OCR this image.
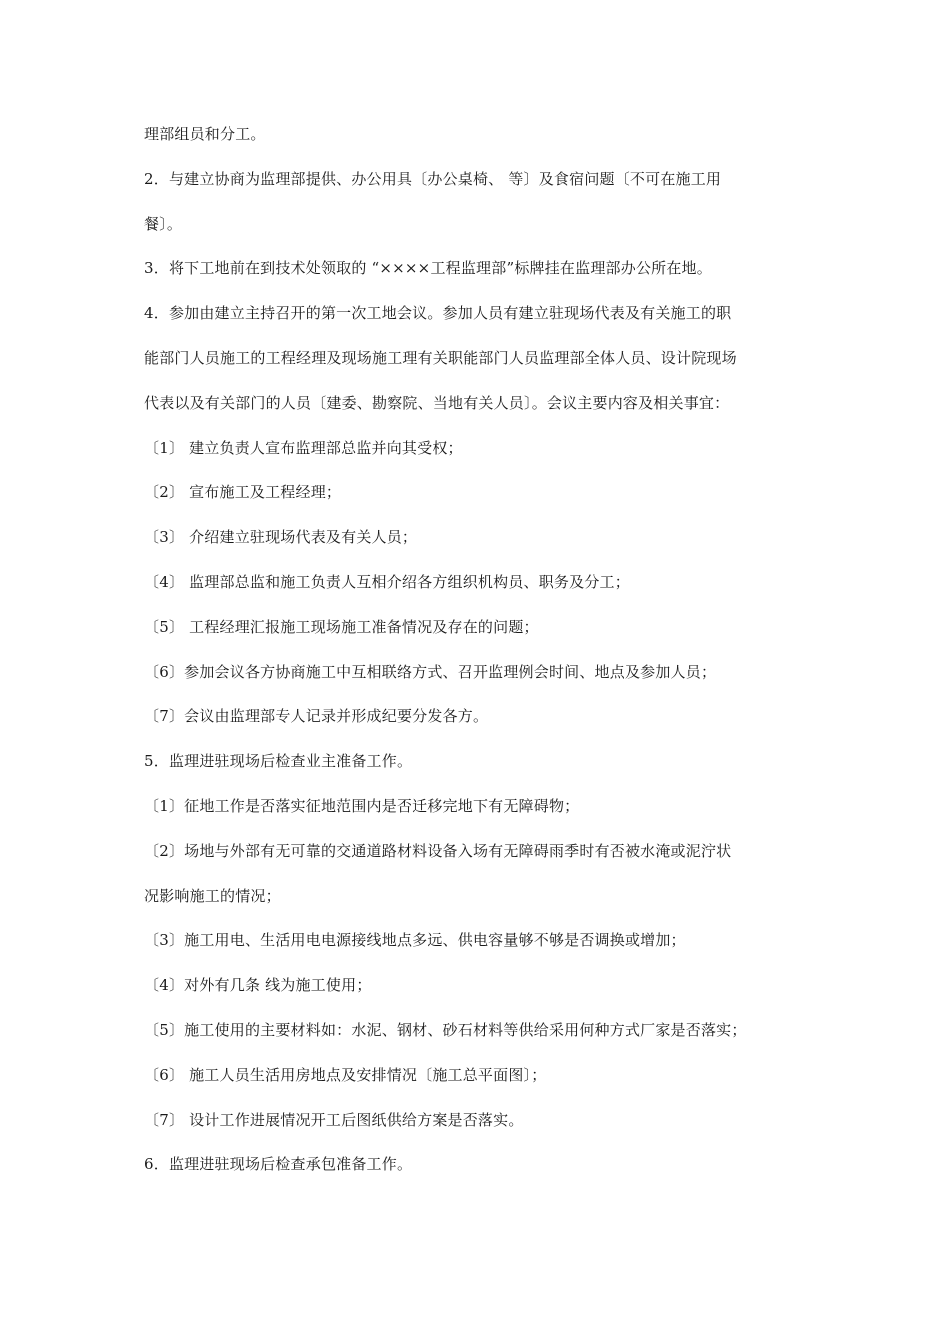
理部组员和分工。
2．与建立协商为监理部提供、办公用具〔办公桌椅、 等〕及食宿问题〔不可在施工用
餐〕。
3．将下工地前在到技术处领取的 “××××工程监理部”标牌挂在监理部办公所在地。
4．参加由建立主持召开的第一次工地会议。参加人员有建立驻现场代表及有关施工的职
能部门人员施工的工程经理及现场施工理有关职能部门人员监理部全体人员、设计院现场
代表以及有关部门的人员〔建委、勘察院、当地有关人员〕。会议主要内容及相关事宜：
〔1〕 建立负责人宣布监理部总监并向其受权；
〔2〕 宣布施工及工程经理；
〔3〕 介绍建立驻现场代表及有关人员；
〔4〕 监理部总监和施工负责人互相介绍各方组织机构员、职务及分工；
〔5〕 工程经理汇报施工现场施工准备情况及存在的问题；
〔6〕参加会议各方协商施工中互相联络方式、召开监理例会时间、地点及参加人员；
〔7〕会议由监理部专人记录并形成纪要分发各方。
5．监理进驻现场后检查业主准备工作。
〔1〕征地工作是否落实征地范围内是否迁移完地下有无障碍物；
〔2〕场地与外部有无可靠的交通道路材料设备入场有无障碍雨季时有否被水淹或泥泞状
况影响施工的情况；
〔3〕施工用电、生活用电电源接线地点多远、供电容量够不够是否调换或增加；
〔4〕对外有几条 线为施工使用；
〔5〕施工使用的主要材料如：水泥、钢材、砂石材料等供给采用何种方式厂家是否落实；
〔6〕 施工人员生活用房地点及安排情况〔施工总平面图〕；
〔7〕 设计工作进展情况开工后图纸供给方案是否落实。
6．监理进驻现场后检查承包准备工作。
